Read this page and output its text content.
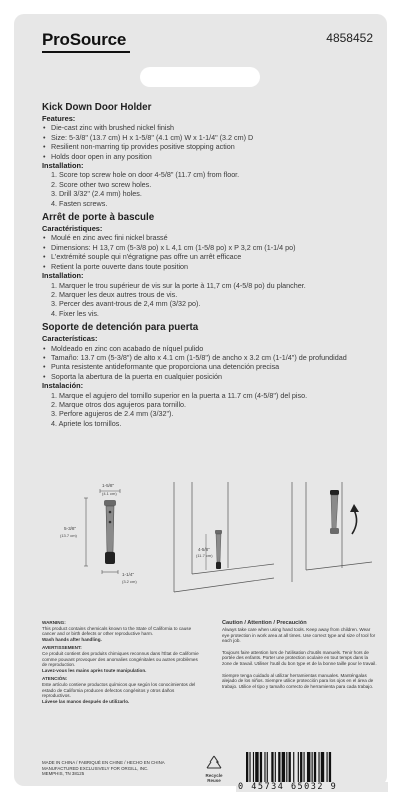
ProSource	4858452
Kick Down Door Holder
Features:
• Die-cast zinc with brushed nickel finish
• Size: 5-3/8" (13.7 cm) H x 1-5/8" (4.1 cm) W x 1-1/4" (3.2 cm) D
• Resilient non-marring tip provides positive stopping action
• Holds door open in any position
Installation:
1. Score top screw hole on door 4-5/8" (11.7 cm) from floor.
2. Score other two screw holes.
3. Drill 3/32" (2.4 mm) holes.
4. Fasten screws.
Arrêt de porte à bascule
Caractéristiques:
• Moulé en zinc avec fini nickel brassé
• Dimensions: H 13,7 cm (5-3/8 po) x L 4,1 cm (1-5/8 po) x P 3,2 cm (1-1/4 po)
• L'extrémité souple qui n'égratigne pas offre un arrêt efficace
• Retient la porte ouverte dans toute position
Installation:
1. Marquer le trou supérieur de vis sur la porte à 11,7 cm (4-5/8 po) du plancher.
2. Marquer les deux autres trous de vis.
3. Percer des avant-trous de 2,4 mm (3/32 po).
4. Fixer les vis.
Soporte de detención para puerta
Características:
• Moldeado en zinc con acabado de níquel pulido
• Tamaño: 13.7 cm (5-3/8") de alto x 4.1 cm (1-5/8") de ancho x 3.2 cm (1-1/4") de profundidad
• Punta resistente antideformante que proporciona una detención precisa
• Soporta la abertura de la puerta en cualquier posición
Instalación:
1. Marque el agujero del tornillo superior en la puerta a 11.7 cm (4-5/8") del piso.
2. Marque otros dos agujeros para tornillo.
3. Perfore agujeros de 2.4 mm (3/32").
4. Apriete los tornillos.
1-5/8"
(4.1 cm)
5-3/8"
(13.7 cm)
1-1/4"
(3.2 cm)
4-5/8"
(11.7 cm)
WARNING:
This product contains chemicals known to the State of California to cause cancer and or birth defects or other reproductive harm.
Wash hands after handling.
AVERTISSEMENT:
Ce produit contient des produits chimiques reconnus dans l'État de Californie comme pouvant provoquer des anomalies congénitales ou autres problèmes de reproduction.
Lavez-vous les mains après toute manipulation.
ATENCIÓN:
Este artículo contiene productos químicos que según los conocimientos del estado de California producen defectos congénitos y otros daños reproductivos.
Lávese las manos después de utilizarlo.
Caution / Attention / Precaución
Always take care when using hand tools. Keep away from children. Wear eye protection in work area at all times. Use correct type and size of tool for each job.
Toujours faire attention lors de l'utilisation d'outils manuels. Tenir hors de portée des enfants. Porter une protection oculaire en tout temps dans la zone de travail. Utiliser l'outil du bon type et de la bonne taille pour le travail.
Siempre tenga cuidado al utilizar herramientas manuales. Manténgalas alejado de los niños. Siempre utilice protección para los ojos en el área de trabajo. Utilice el tipo y tamaño correcto de herramienta para cada trabajo.
MADE IN CHINA / FABRIQUÉ EN CHINE / HECHO EN CHINA
MANUFACTURED EXCLUSIVELY FOR ORGILL, INC.
MEMPHIS, TN 38125	Recycle
Reuse
0 45734 65032 9
